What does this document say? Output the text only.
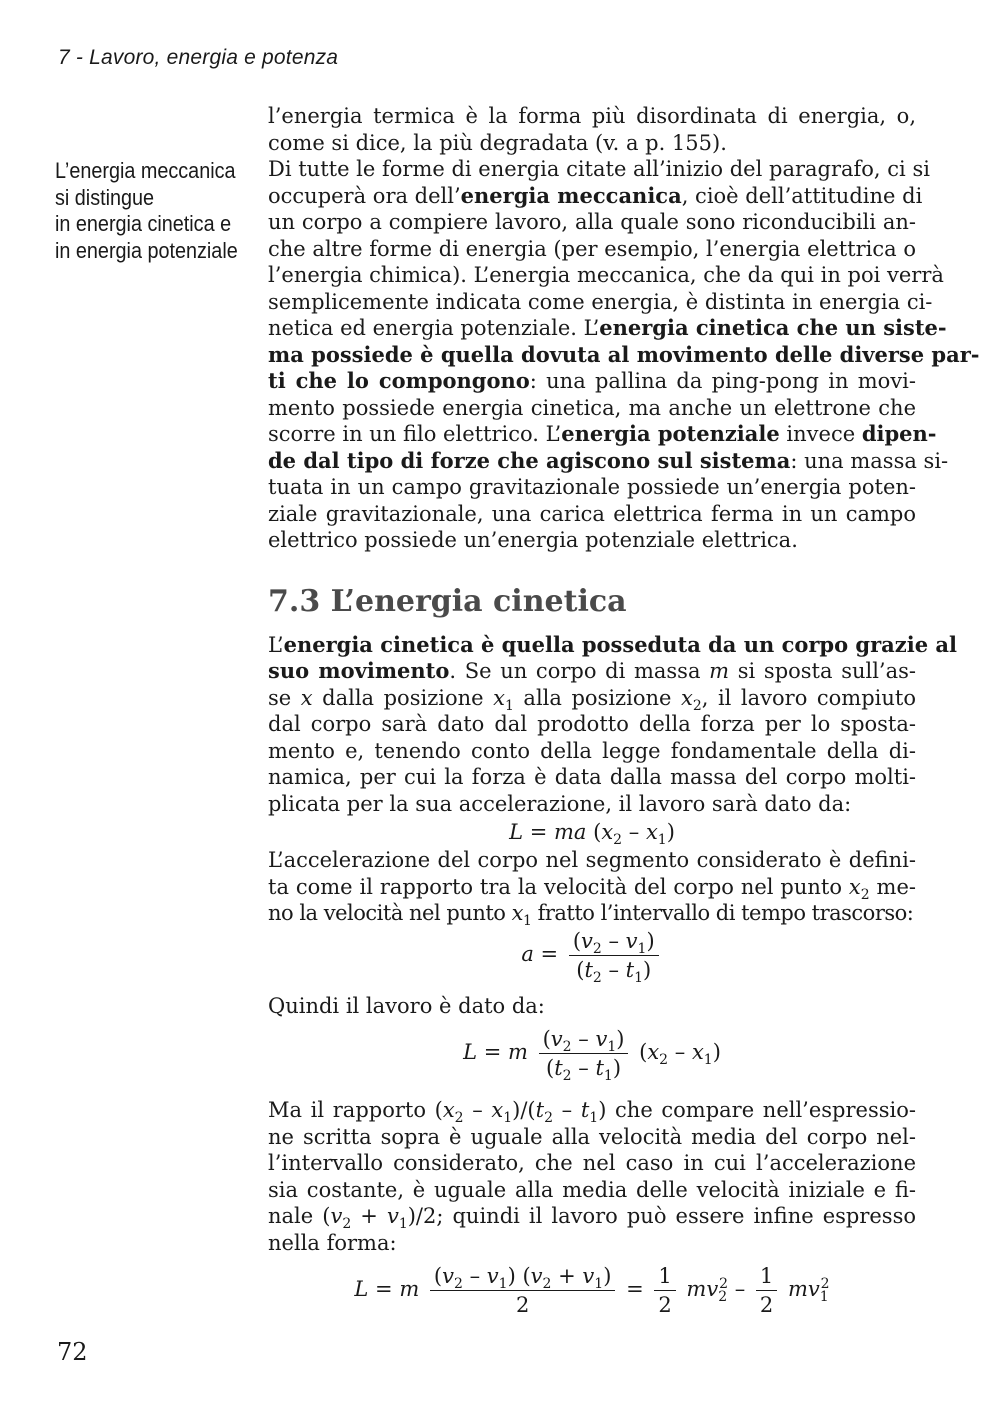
7 - Lavoro, energia e potenza
L’energia meccanica
si distingue
in energia cinetica e
in energia potenziale
l’energia termica è la forma più disordinata di energia, o,
come si dice, la più degradata (v. a p. 155).
Di tutte le forme di energia citate all’inizio del paragrafo, ci si
occuperà ora dell’energia meccanica, cioè dell’attitudine di
un corpo a compiere lavoro, alla quale sono riconducibili an-
che altre forme di energia (per esempio, l’energia elettrica o
l’energia chimica). L’energia meccanica, che da qui in poi verrà
semplicemente indicata come energia, è distinta in energia ci-
netica ed energia potenziale. L’energia cinetica che un siste-
ma possiede è quella dovuta al movimento delle diverse par-
ti che lo compongono: una pallina da ping-pong in movi-
mento possiede energia cinetica, ma anche un elettrone che
scorre in un filo elettrico. L’energia potenziale invece dipen-
de dal tipo di forze che agiscono sul sistema: una massa si-
tuata in un campo gravitazionale possiede un’energia poten-
ziale gravitazionale, una carica elettrica ferma in un campo
elettrico possiede un’energia potenziale elettrica.
7.3 L’energia cinetica
L’energia cinetica è quella posseduta da un corpo grazie al
suo movimento. Se un corpo di massa m si sposta sull’as-
se x dalla posizione $x_1$ alla posizione $x_2$, il lavoro compiuto
dal corpo sarà dato dal prodotto della forza per lo sposta-
mento e, tenendo conto della legge fondamentale della di-
namica, per cui la forza è data dalla massa del corpo molti-
plicata per la sua accelerazione, il lavoro sarà dato da:
L = ma $(x_2 - x_1)$
L’accelerazione del corpo nel segmento considerato è defini-
ta come il rapporto tra la velocità del corpo nel punto $x_2$ me-
no la velocità nel punto $x_1$ fratto l’intervallo di tempo trascorso:
$a = \frac{(v_2 - v_1)}{(t_2 - t_1)}$
Quindi il lavoro è dato da:
L = m $\frac{(v_2 - v_1)}{(t_2 - t_1)} (x_2 - x_1)$
Ma il rapporto $(x_2 - x_1)/(t_2 - t_1)$ che compare nell’espressio-
ne scritta sopra è uguale alla velocità media del corpo nel-
l’intervallo considerato, che nel caso in cui l’accelerazione
sia costante, è uguale alla media delle velocità iniziale e fi-
nale $(v_2 + v_1)/2$; quindi il lavoro può essere infine espresso
nella forma:
L = m $\frac{(v_2 - v_1) (v_2 + v_1)}{2} = \frac{1}{2} mv_2^2 - \frac{1}{2} mv_1^2$
72
